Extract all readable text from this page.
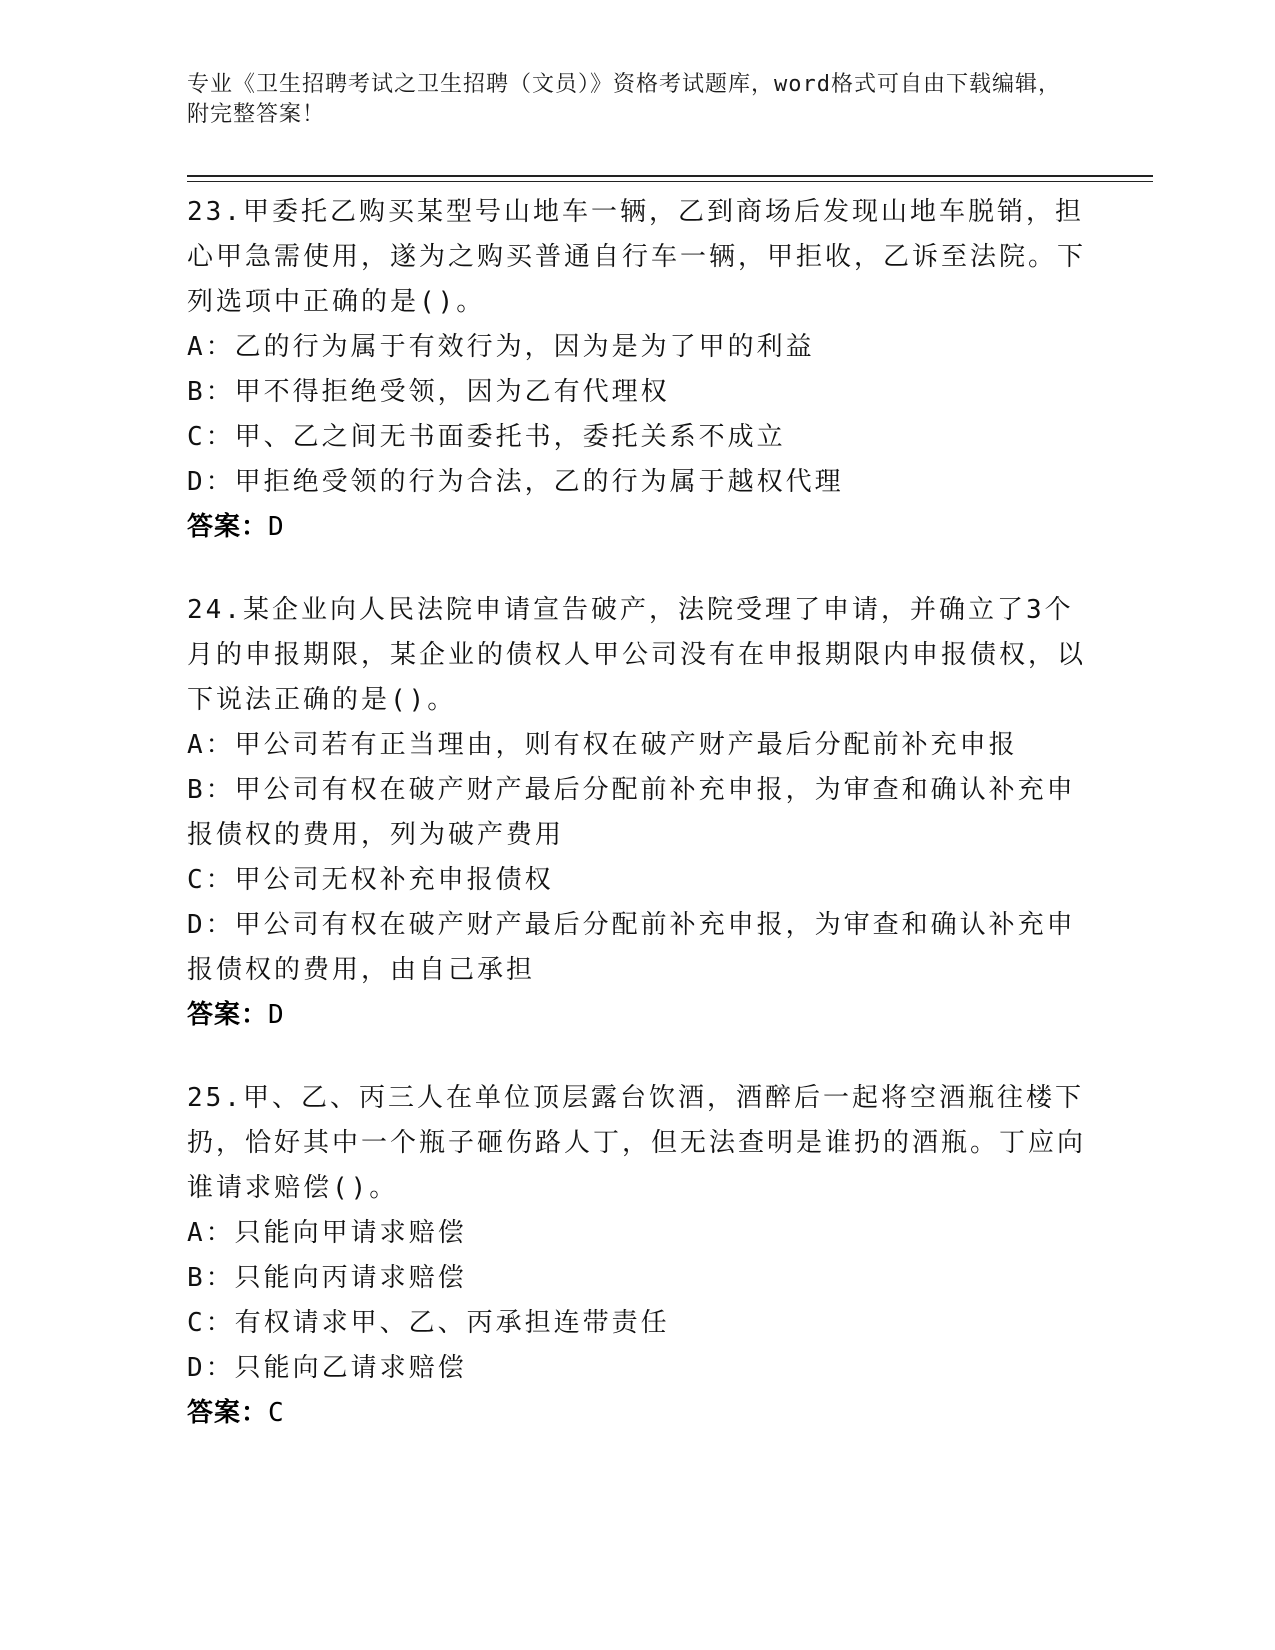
专业《卫生招聘考试之卫生招聘（文员）》资格考试题库，word格式可自由下载编辑，附完整答案！
23.甲委托乙购买某型号山地车一辆，乙到商场后发现山地车脱销，担心甲急需使用，遂为之购买普通自行车一辆，甲拒收，乙诉至法院。下列选项中正确的是()。
A：乙的行为属于有效行为，因为是为了甲的利益
B：甲不得拒绝受领，因为乙有代理权
C：甲、乙之间无书面委托书，委托关系不成立
D：甲拒绝受领的行为合法，乙的行为属于越权代理
答案：D
24.某企业向人民法院申请宣告破产，法院受理了申请，并确立了3个月的申报期限，某企业的债权人甲公司没有在申报期限内申报债权，以下说法正确的是()。
A：甲公司若有正当理由，则有权在破产财产最后分配前补充申报
B：甲公司有权在破产财产最后分配前补充申报，为审查和确认补充申报债权的费用，列为破产费用
C：甲公司无权补充申报债权
D：甲公司有权在破产财产最后分配前补充申报，为审查和确认补充申报债权的费用，由自己承担
答案：D
25.甲、乙、丙三人在单位顶层露台饮酒，酒醉后一起将空酒瓶往楼下扔，恰好其中一个瓶子砸伤路人丁，但无法查明是谁扔的酒瓶。丁应向谁请求赔偿()。
A：只能向甲请求赔偿
B：只能向丙请求赔偿
C：有权请求甲、乙、丙承担连带责任
D：只能向乙请求赔偿
答案：C
